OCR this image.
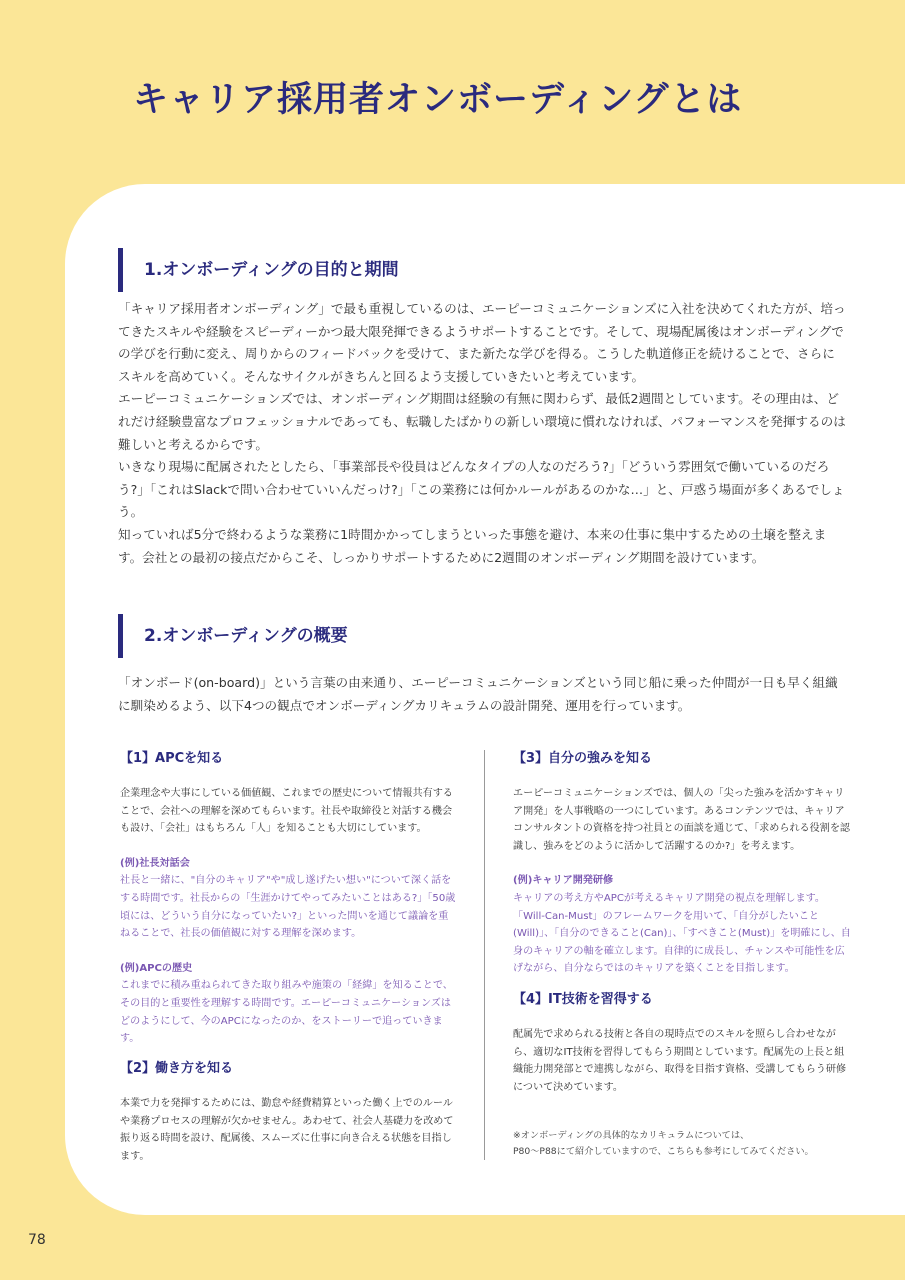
キャリア採用者オンボーディングとは
1.オンボーディングの目的と期間

「キャリア採用者オンボーディング」で最も重視しているのは、エーピーコミュニケーションズに入社を決めてくれた方が、培ってきたスキルや経験をスピーディーかつ最大限発揮できるようサポートすることです。そして、現場配属後はオンボーディングでの学びを行動に変え、周りからのフィードバックを受けて、また新たな学びを得る。こうした軌道修正を続けることで、さらにスキルを高めていく。そんなサイクルがきちんと回るよう支援していきたいと考えています。

エーピーコミュニケーションズでは、オンボーディング期間は経験の有無に関わらず、最低2週間としています。その理由は、どれだけ経験豊富なプロフェッショナルであっても、転職したばかりの新しい環境に慣れなければ、パフォーマンスを発揮するのは難しいと考えるからです。

いきなり現場に配属されたとしたら、「事業部長や役員はどんなタイプの人なのだろう?」「どういう雰囲気で働いているのだろう?」「これはSlackで問い合わせていいんだっけ?」「この業務には何かルールがあるのかな…」と、戸惑う場面が多くあるでしょう。

知っていれば5分で終わるような業務に1時間かかってしまうといった事態を避け、本来の仕事に集中するための土壌を整えます。会社との最初の接点だからこそ、しっかりサポートするために2週間のオンボーディング期間を設けています。

2.オンボーディングの概要

「オンボード(on-board)」という言葉の由来通り、エーピーコミュニケーションズという同じ船に乗った仲間が一日も早く組織に馴染めるよう、以下4つの観点でオンボーディングカリキュラムの設計開発、運用を行っています。

【1】APCを知る

企業理念や大事にしている価値観、これまでの歴史について情報共有することで、会社への理解を深めてもらいます。社長や取締役と対話する機会も設け、「会社」はもちろん「人」を知ることも大切にしています。

(例)社長対話会

社長と一緒に、"自分のキャリア"や"成し遂げたい想い"について深く話をする時間です。社長からの「生涯かけてやってみたいことはある?」「50歳頃には、どういう自分になっていたい?」といった問いを通じて議論を重ねることで、社長の価値観に対する理解を深めます。

(例)APCの歴史

これまでに積み重ねられてきた取り組みや施策の「経緯」を知ることで、その目的と重要性を理解する時間です。エーピーコミュニケーションズはどのようにして、今のAPCになったのか、をストーリーで追っていきます。

【2】働き方を知る

本業で力を発揮するためには、勤怠や経費精算といった働く上でのルールや業務プロセスの理解が欠かせません。あわせて、社会人基礎力を改めて振り返る時間を設け、配属後、スムーズに仕事に向き合える状態を目指します。

【3】自分の強みを知る

エーピーコミュニケーションズでは、個人の「尖った強みを活かすキャリア開発」を人事戦略の一つにしています。あるコンテンツでは、キャリアコンサルタントの資格を持つ社員との面談を通じて、「求められる役割を認識し、強みをどのように活かして活躍するのか?」を考えます。

(例)キャリア開発研修

キャリアの考え方やAPCが考えるキャリア開発の視点を理解します。「Will-Can-Must」のフレームワークを用いて、「自分がしたいこと(Will)」、「自分のできること(Can)」、「すべきこと(Must)」を明確にし、自身のキャリアの軸を確立します。自律的に成長し、チャンスや可能性を広げながら、自分ならではのキャリアを築くことを目指します。

【4】IT技術を習得する

配属先で求められる技術と各自の現時点でのスキルを照らし合わせながら、適切なIT技術を習得してもらう期間としています。配属先の上長と組織能力開発部とで連携しながら、取得を目指す資格、受講してもらう研修について決めています。

※オンボーディングの具体的なカリキュラムについては、

P80〜P88にて紹介していますので、こちらも参考にしてみてください。

78
